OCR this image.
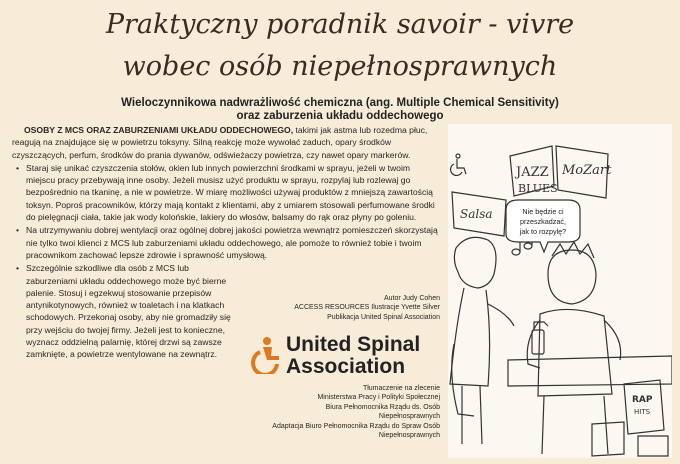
Praktyczny poradnik savoir - vivre
wobec osób niepełnosprawnych
Wieloczynnikowa nadwrażliwość chemiczna (ang. Multiple Chemical Sensitivity)
oraz zaburzenia układu oddechowego

OSOBY Z MCS ORAZ ZABURZENIAMI UKŁADU ODDECHOWEGO, takimi jak astma lub rozedma płuc, reagują na znajdujące się w powietrzu toksyny. Silną reakcję może wywołać zaduch, opary środków czyszczących, perfum, środków do prania dywanów, odświeżaczy powietrza, czy nawet opary markerów.

• Staraj się unikać czyszczenia stołów, okien lub innych powierzchni środkami w sprayu, jeżeli w twoim miejscu pracy przebywają inne osoby. Jeżeli musisz użyć produktu w sprayu, rozpylaj lub rozlewaj go bezpośrednio na tkaninę, a nie w powietrze. W miarę możliwości używaj produktów z mniejszą zawartością toksyn. Poproś pracowników, którzy mają kontakt z klientami, aby z umiarem stosowali perfumowane środki do pielęgnacji ciała, takie jak wody kolońskie, lakiery do włosów, balsamy do rąk oraz płyny po goleniu.
• Na utrzymywaniu dobrej wentylacji oraz ogólnej dobrej jakości powietrza wewnątrz pomieszczeń skorzystają nie tylko twoi klienci z MCS lub zaburzeniami układu oddechowego, ale pomoże to również tobie i twoim pracownikom zachować lepsze zdrowie i sprawność umysłową.
• Szczególnie szkodliwe dla osób z MCS lub zaburzeniami układu oddechowego może być bierne palenie. Stosuj i egzekwuj stosowanie przepisów antynikotynowych, również w toaletach i na klatkach schodowych. Przekonaj osoby, aby nie gromadziły się przy wejściu do twojej firmy. Jeżeli jest to konieczne, wyznacz oddzielną palarnię, której drzwi są zawsze zamknięte, a powietrze wentylowane na zewnątrz.
Autor Judy Cohen
ACCESS RESOURCES Ilustracje Yvette Silver
Publikacja United Spinal Association
United Spinal
Association
Tłumaczenie na zlecenie
Ministerstwa Pracy i Polityki Społecznej
Biura Pełnomocnika Rządu ds. Osób
Niepełnosprawnych
Adaptacja Biuro Pełnomocnika Rządu do Spraw Osób
Niepełnosprawnych
JAZZ
BLUES
MoZart
Salsa
RAP
HITS
Nie będzie ci
przeszkadzać,
jak to rozpylę?
